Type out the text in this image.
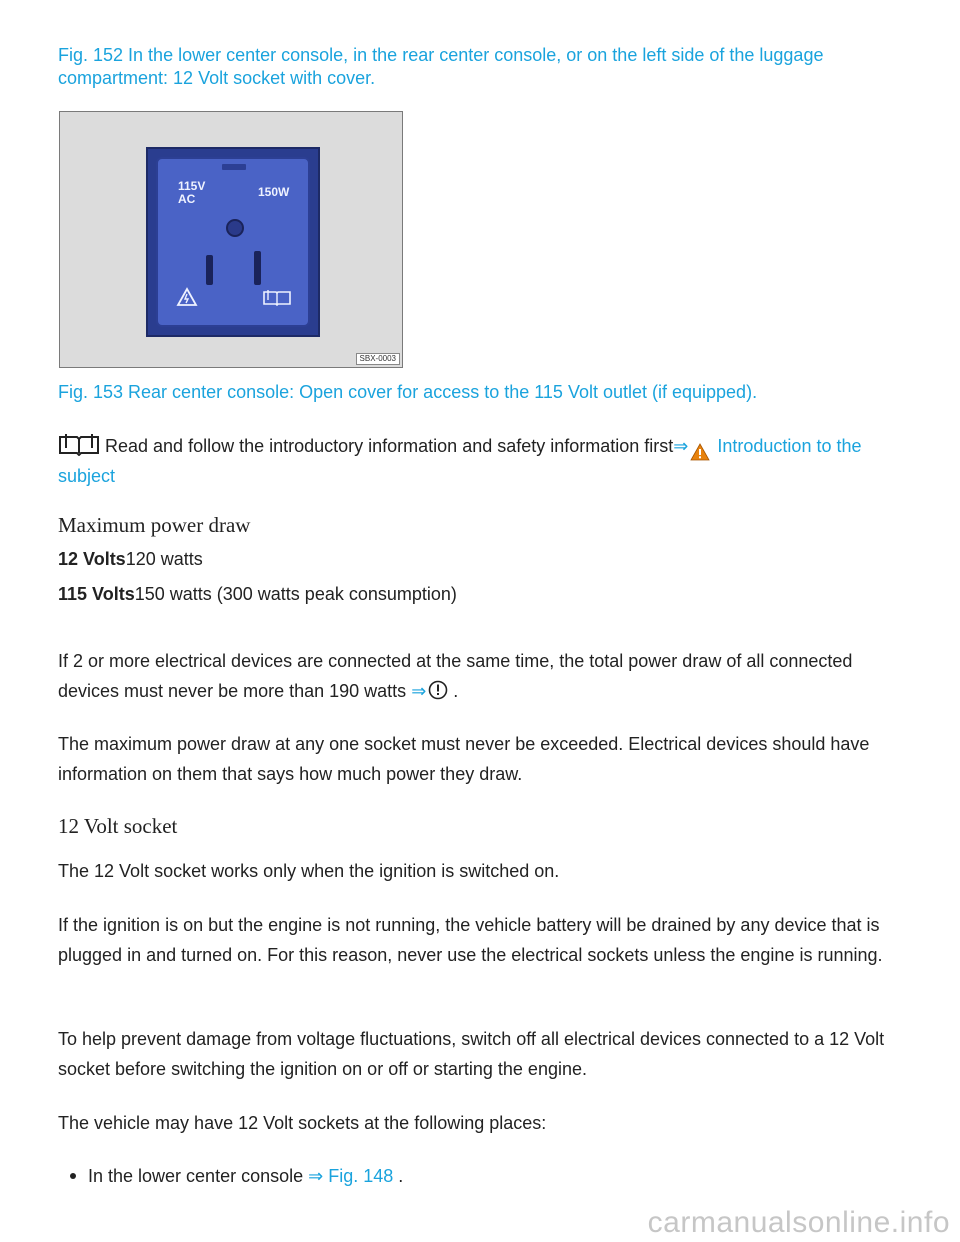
Fig. 152 In the lower center console, in the rear center console, or on the left side of the luggage compartment: 12 Volt socket with cover.

115V
AC	150W
SBX-0003

Fig. 153 Rear center console: Open cover for access to the 115 Volt outlet (if equipped).

Read and follow the introductory information and safety information first⇒ Introduction to the subject

Maximum power draw

12 Volts120 watts

115 Volts150 watts (300 watts peak consumption)

If 2 or more electrical devices are connected at the same time, the total power draw of all connected devices must never be more than 190 watts ⇒ .

The maximum power draw at any one socket must never be exceeded. Electrical devices should have information on them that says how much power they draw.

12 Volt socket

The 12 Volt socket works only when the ignition is switched on.

If the ignition is on but the engine is not running, the vehicle battery will be drained by any device that is plugged in and turned on. For this reason, never use the electrical sockets unless the engine is running.

To help prevent damage from voltage fluctuations, switch off all electrical devices connected to a 12 Volt socket before switching the ignition on or off or starting the engine.

The vehicle may have 12 Volt sockets at the following places:

In the lower center console ⇒ Fig. 148 .

carmanualsonline.info
